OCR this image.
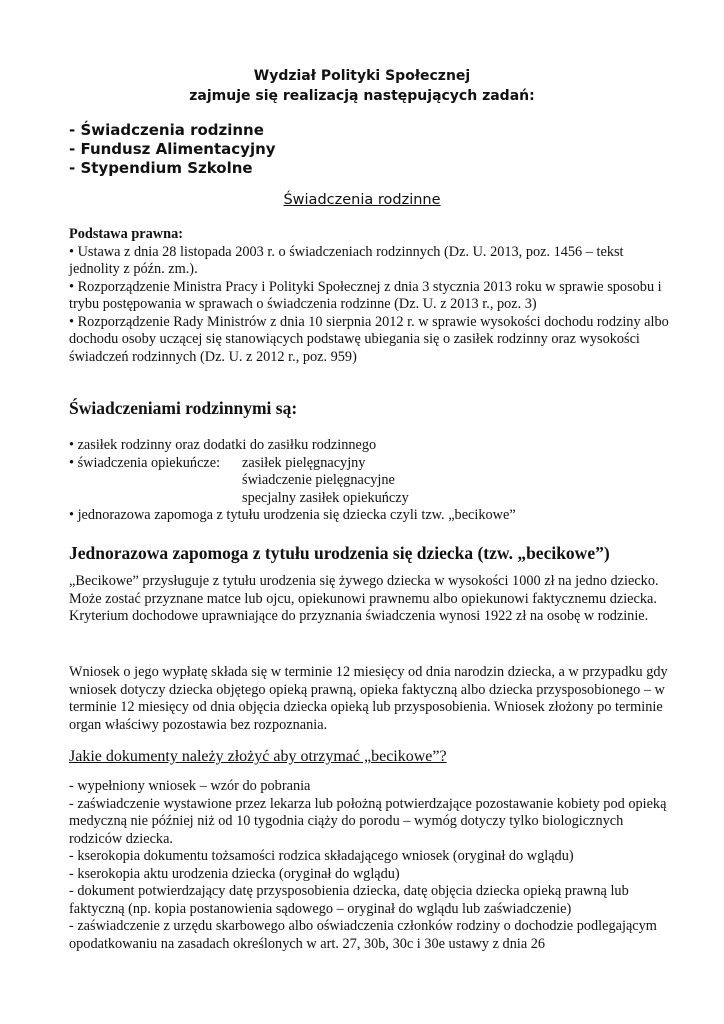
Wydział Polityki Społecznej
zajmuje się realizacją następujących zadań:
- Świadczenia rodzinne
- Fundusz Alimentacyjny
- Stypendium Szkolne
Świadczenia rodzinne

Podstawa prawna:

• Ustawa z dnia 28 listopada 2003 r. o świadczeniach rodzinnych (Dz. U. 2013, poz. 1456 – tekst jednolity z późn. zm.).

• Rozporządzenie Ministra Pracy i Polityki Społecznej z dnia 3 stycznia 2013 roku w sprawie sposobu i trybu postępowania w sprawach o świadczenia rodzinne (Dz. U. z 2013 r., poz. 3)

• Rozporządzenie Rady Ministrów z dnia 10 sierpnia 2012 r. w sprawie wysokości dochodu rodziny albo dochodu osoby uczącej się stanowiących podstawę ubiegania się o zasiłek rodzinny oraz wysokości świadczeń rodzinnych (Dz. U. z 2012 r., poz. 959)

Świadczeniami rodzinnymi są:
• zasiłek rodzinny oraz dodatki do zasiłku rodzinnego
• świadczenia opiekuńcze:	zasiłek pielęgnacyjny
świadczenie pielęgnacyjne
specjalny zasiłek opiekuńczy
• jednorazowa zapomoga z tytułu urodzenia się dziecka czyli tzw. „becikowe”
Jednorazowa zapomoga z tytułu urodzenia się dziecka (tzw. „becikowe”)
„Becikowe” przysługuje z tytułu urodzenia się żywego dziecka w wysokości 1000 zł na jedno dziecko. Może zostać przyznane matce lub ojcu, opiekunowi prawnemu albo opiekunowi faktycznemu dziecka. Kryterium dochodowe uprawniające do przyznania świadczenia wynosi 1922 zł na osobę w rodzinie.
Wniosek o jego wypłatę składa się w terminie 12 miesięcy od dnia narodzin dziecka, a w przypadku gdy wniosek dotyczy dziecka objętego opieką prawną, opieka faktyczną albo dziecka przysposobionego – w terminie 12 miesięcy od dnia objęcia dziecka opieką lub przysposobienia. Wniosek złożony po terminie organ właściwy pozostawia bez rozpoznania.
Jakie dokumenty należy złożyć aby otrzymać „becikowe”?

- wypełniony wniosek – wzór do pobrania

- zaświadczenie wystawione przez lekarza lub położną potwierdzające pozostawanie kobiety pod opieką medyczną nie później niż od 10 tygodnia ciąży do porodu – wymóg dotyczy tylko biologicznych rodziców dziecka.

- kserokopia dokumentu tożsamości rodzica składającego wniosek (oryginał do wglądu)

- kserokopia aktu urodzenia dziecka (oryginał do wglądu)

- dokument potwierdzający datę przysposobienia dziecka, datę objęcia dziecka opieką prawną lub faktyczną (np. kopia postanowienia sądowego – oryginał do wglądu lub zaświadczenie)

- zaświadczenie z urzędu skarbowego albo oświadczenia członków rodziny o dochodzie podlegającym opodatkowaniu na zasadach określonych w art. 27, 30b, 30c i 30e ustawy z dnia 26
